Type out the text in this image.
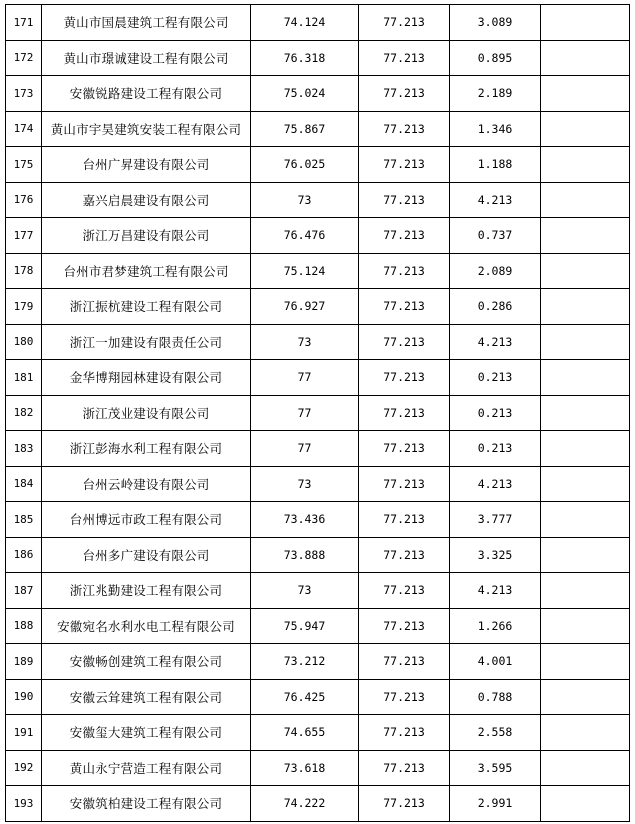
171	黄山市国晨建筑工程有限公司	74.124	77.213	3.089	
172	黄山市璟诚建设工程有限公司	76.318	77.213	0.895	
173	安徽锐路建设工程有限公司	75.024	77.213	2.189	
174	黄山市宇昊建筑安装工程有限公司	75.867	77.213	1.346	
175	台州广昇建设有限公司	76.025	77.213	1.188	
176	嘉兴启晨建设有限公司	73	77.213	4.213	
177	浙江万昌建设有限公司	76.476	77.213	0.737	
178	台州市君梦建筑工程有限公司	75.124	77.213	2.089	
179	浙江振杭建设工程有限公司	76.927	77.213	0.286	
180	浙江一加建设有限责任公司	73	77.213	4.213	
181	金华博翔园林建设有限公司	77	77.213	0.213	
182	浙江茂业建设有限公司	77	77.213	0.213	
183	浙江彭海水利工程有限公司	77	77.213	0.213	
184	台州云岭建设有限公司	73	77.213	4.213	
185	台州博远市政工程有限公司	73.436	77.213	3.777	
186	台州多广建设有限公司	73.888	77.213	3.325	
187	浙江兆勤建设工程有限公司	73	77.213	4.213	
188	安徽宛名水利水电工程有限公司	75.947	77.213	1.266	
189	安徽畅创建筑工程有限公司	73.212	77.213	4.001	
190	安徽云耸建筑工程有限公司	76.425	77.213	0.788	
191	安徽玺大建筑工程有限公司	74.655	77.213	2.558	
192	黄山永宁营造工程有限公司	73.618	77.213	3.595	
193	安徽筑柏建设工程有限公司	74.222	77.213	2.991	
